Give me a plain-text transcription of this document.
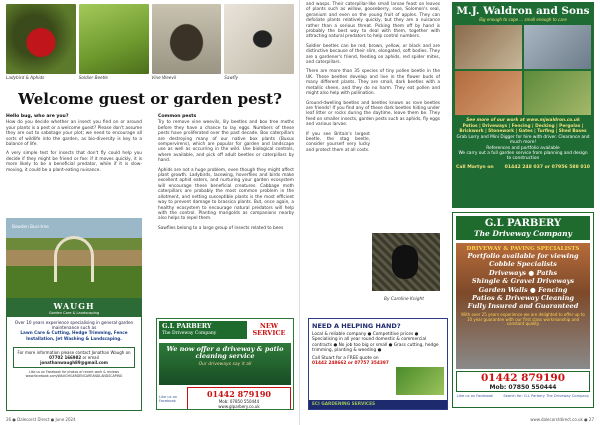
Ladybird & Aphids	Soldier Beetle	Vine Weevil	Sawfly
Welcome guest or garden pest?
Hello bug, who are you?

How do you decide whether an insect you find on or around your plants is a pest or a welcome guest? Please don't assume they are out to sabotage your plot; we need to encourage all sorts of wildlife into the garden, as bio-diversity is key to a balance of life.

A very simple test for insects that don't fly could help you decide if they might be friend or foe: if it moves quickly, it is more likely to be a beneficial predator, while if it is slow-moving, it could be a plant-eating nuisance.

Bowden Busi-tree
WAUGH
Garden Care & Landscaping
Over 10 years experience specialising in general garden maintenance such as
Lawn Care & Cutting, Hedge Trimming, Fence Installation, Jet Washing & Landscaping.
For more information please contact Jonathan Waugh on
07702 166982 or email
jonathanwaugh89@gmail.com
Like us on Facebook for photos of recent work & reviews www.facebook.com/WAUGHGARDENCAREANDLANDSCAPING
Common pests

Try to remove vine weevils, lily beetles and box tree moths before they have a chance to lay eggs. Numbers of these pests have proliferated over the past decade. Box caterpillars are destroying many of our native box plants (Buxus sempervirens), which are popular for garden and landscape use as well as occurring in the wild. Use biological controls, where available, and pick off adult beetles or caterpillars by hand.

Aphids are not a huge problem, even though they might affect plant growth. Ladybirds, lacewing, hoverflies and birds make excellent aphid eaters, and nurturing your garden ecosystem will encourage these beneficial creatures. Cabbage moth caterpillars are probably the most common problem in the allotment, and netting susceptible plants is the most efficient way to prevent damage to brassica plants. But, once again, a healthy ecosystem to encourage natural predators will help with the control. Planting marigolds as companions nearby also helps to repel them.

Sawflies belong to a large group of insects related to bees

G.L PARBERY
The Driveway Company
NEW SERVICE
We now offer a driveway & patio cleaning service
Our driveways say it all
Like us on Facebook
01442 879190
Mob: 07850 550444
www.glparbery.co.uk
26 ● Dalecorst Direct ● June 2024

and wasps. Their caterpillar-like small larvae feast on leaves of plants such as willow, gooseberry, rose, Solomon's seal, geranium and even on the young fruit of apples. They can defoliate plants relatively quickly, but they are a nuisance rather than a serious threat. Picking them off by hand is probably the best way to deal with them, together with attracting natural predators to help control numbers.

Soldier beetles can be red, brown, yellow, or black and are distinctive because of their slim, elongated, soft bodies. They are a gardener's friend, feeding on aphids, red spider mites, and caterpillars.

There are more than 35 species of tiny pollen beetle in the UK. These beetles develop and live in the flower buds of many different plants. They are small, dark beetles with a metallic sheen, and they do no harm. They eat pollen and might also help with pollination.

Ground-dwelling beetles and beetles known as rove beetles are friends! If you find any of these dark beetles hiding under leaf litter or rocks during the daytime, leave them be. They feed on smaller insects, garden pests such as aphids, fly eggs and various larvae.

If you see Britain's largest beetle, the stag beetle, consider yourself very lucky and protect them at all costs.

By Caroline Knight
M.J. Waldron and Sons
Big enough to cope ... small enough to care
See more of our work at www.mjwaldron.co.uk
Patios | Driveways | Fencing | Decking | Pergolas | Brickwork | Stonework | Gates | Turfing | Shed Bases
Grab Lorry and Mini Digger for hire with driver. Clearance and much more!
References and portfolio available
We carry out a full garden service from planning and design to construction
Call Martyn on 01442 248 037 or 07956 588 010
G.L PARBERY
The Driveway Company
DRIVEWAY & PAVING SPECIALISTS
Portfolio available for viewing
Cobble Specialists
Driveways ● Paths
Shingle & Gravel Driveways
Garden Walls ● Fencing
Patios & Driveway Cleaning
Fully Insured and Guaranteed
With over 25 years experience we are delighted to offer up to 10 year guarantee with our first class workmanship and constant quality
01442 879190
Mob: 07850 550444
Like us on Facebook	Search for: G.L Parbery The Driveway Company
NEED A HELPING HAND?
Local & reliable company ● Competitive prices ● Specialising in all year round domestic & commercial contracts ● No job too big or small ● Grass cutting, hedge trimming, planting & weeding ●
Call Stuart for a FREE quote on
01442 248662 or 07757 354397
ECI GARDENING SERVICES
www.dalecorstdirect.co.uk ● 27
